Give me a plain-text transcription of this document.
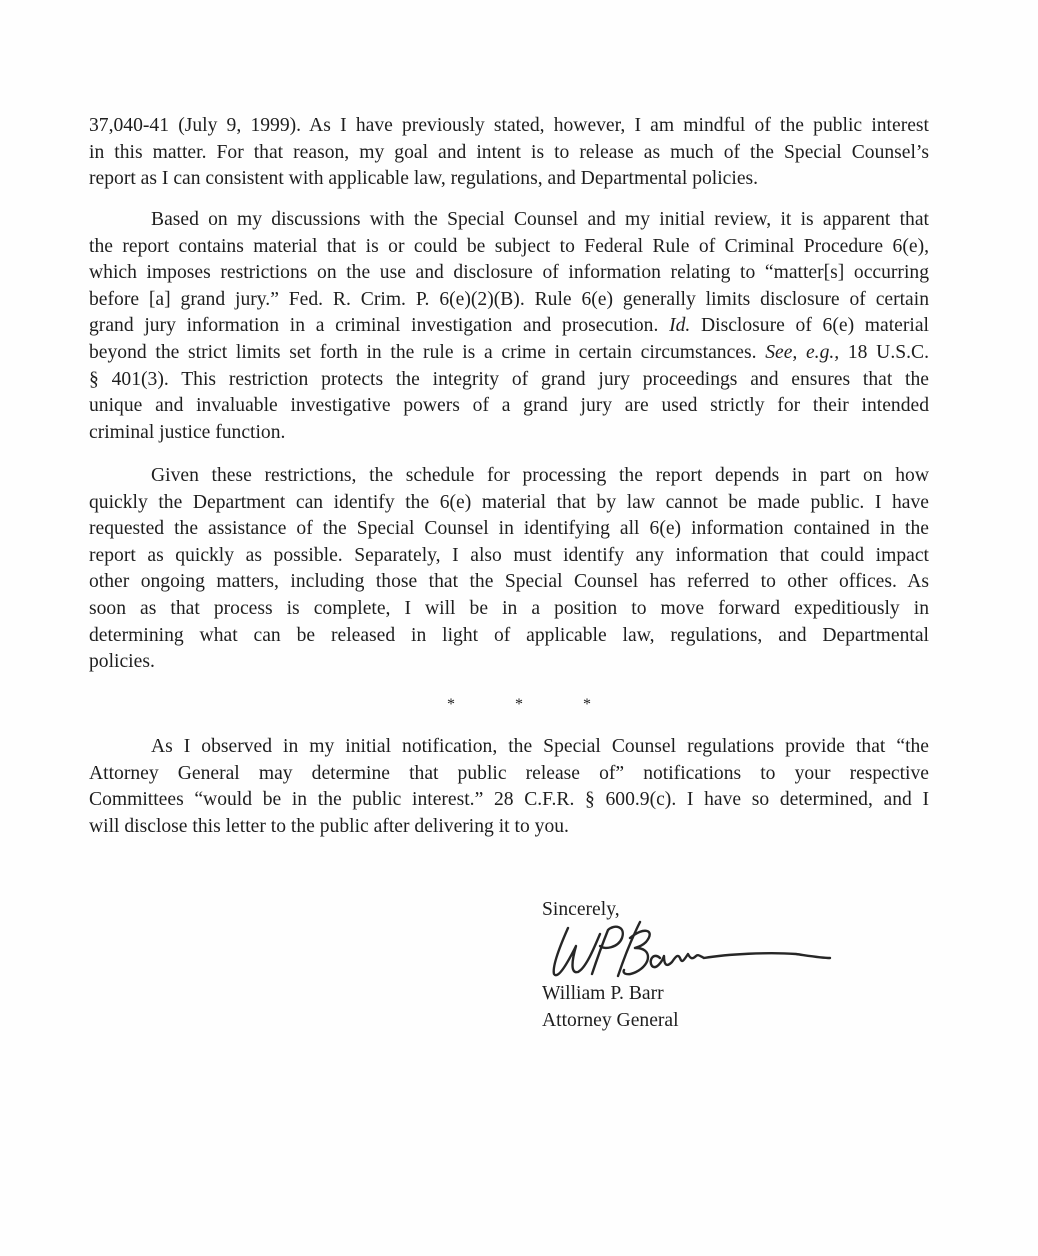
37,040-41 (July 9, 1999). As I have previously stated, however, I am mindful of the public interest
in this matter. For that reason, my goal and intent is to release as much of the Special Counsel’s
report as I can consistent with applicable law, regulations, and Departmental policies.

Based on my discussions with the Special Counsel and my initial review, it is apparent that
the report contains material that is or could be subject to Federal Rule of Criminal Procedure 6(e),
which imposes restrictions on the use and disclosure of information relating to “matter[s] occurring
before [a] grand jury.” Fed. R. Crim. P. 6(e)(2)(B). Rule 6(e) generally limits disclosure of certain
grand jury information in a criminal investigation and prosecution. Id. Disclosure of 6(e) material
beyond the strict limits set forth in the rule is a crime in certain circumstances. See, e.g., 18 U.S.C.
§ 401(3). This restriction protects the integrity of grand jury proceedings and ensures that the
unique and invaluable investigative powers of a grand jury are used strictly for their intended
criminal justice function.

Given these restrictions, the schedule for processing the report depends in part on how
quickly the Department can identify the 6(e) material that by law cannot be made public. I have
requested the assistance of the Special Counsel in identifying all 6(e) information contained in the
report as quickly as possible. Separately, I also must identify any information that could impact
other ongoing matters, including those that the Special Counsel has referred to other offices. As
soon as that process is complete, I will be in a position to move forward expeditiously in
determining what can be released in light of applicable law, regulations, and Departmental
policies.

*	*	*

As I observed in my initial notification, the Special Counsel regulations provide that “the
Attorney General may determine that public release of” notifications to your respective
Committees “would be in the public interest.” 28 C.F.R. § 600.9(c). I have so determined, and I
will disclose this letter to the public after delivering it to you.

Sincerely,
William P. Barr
Attorney General
